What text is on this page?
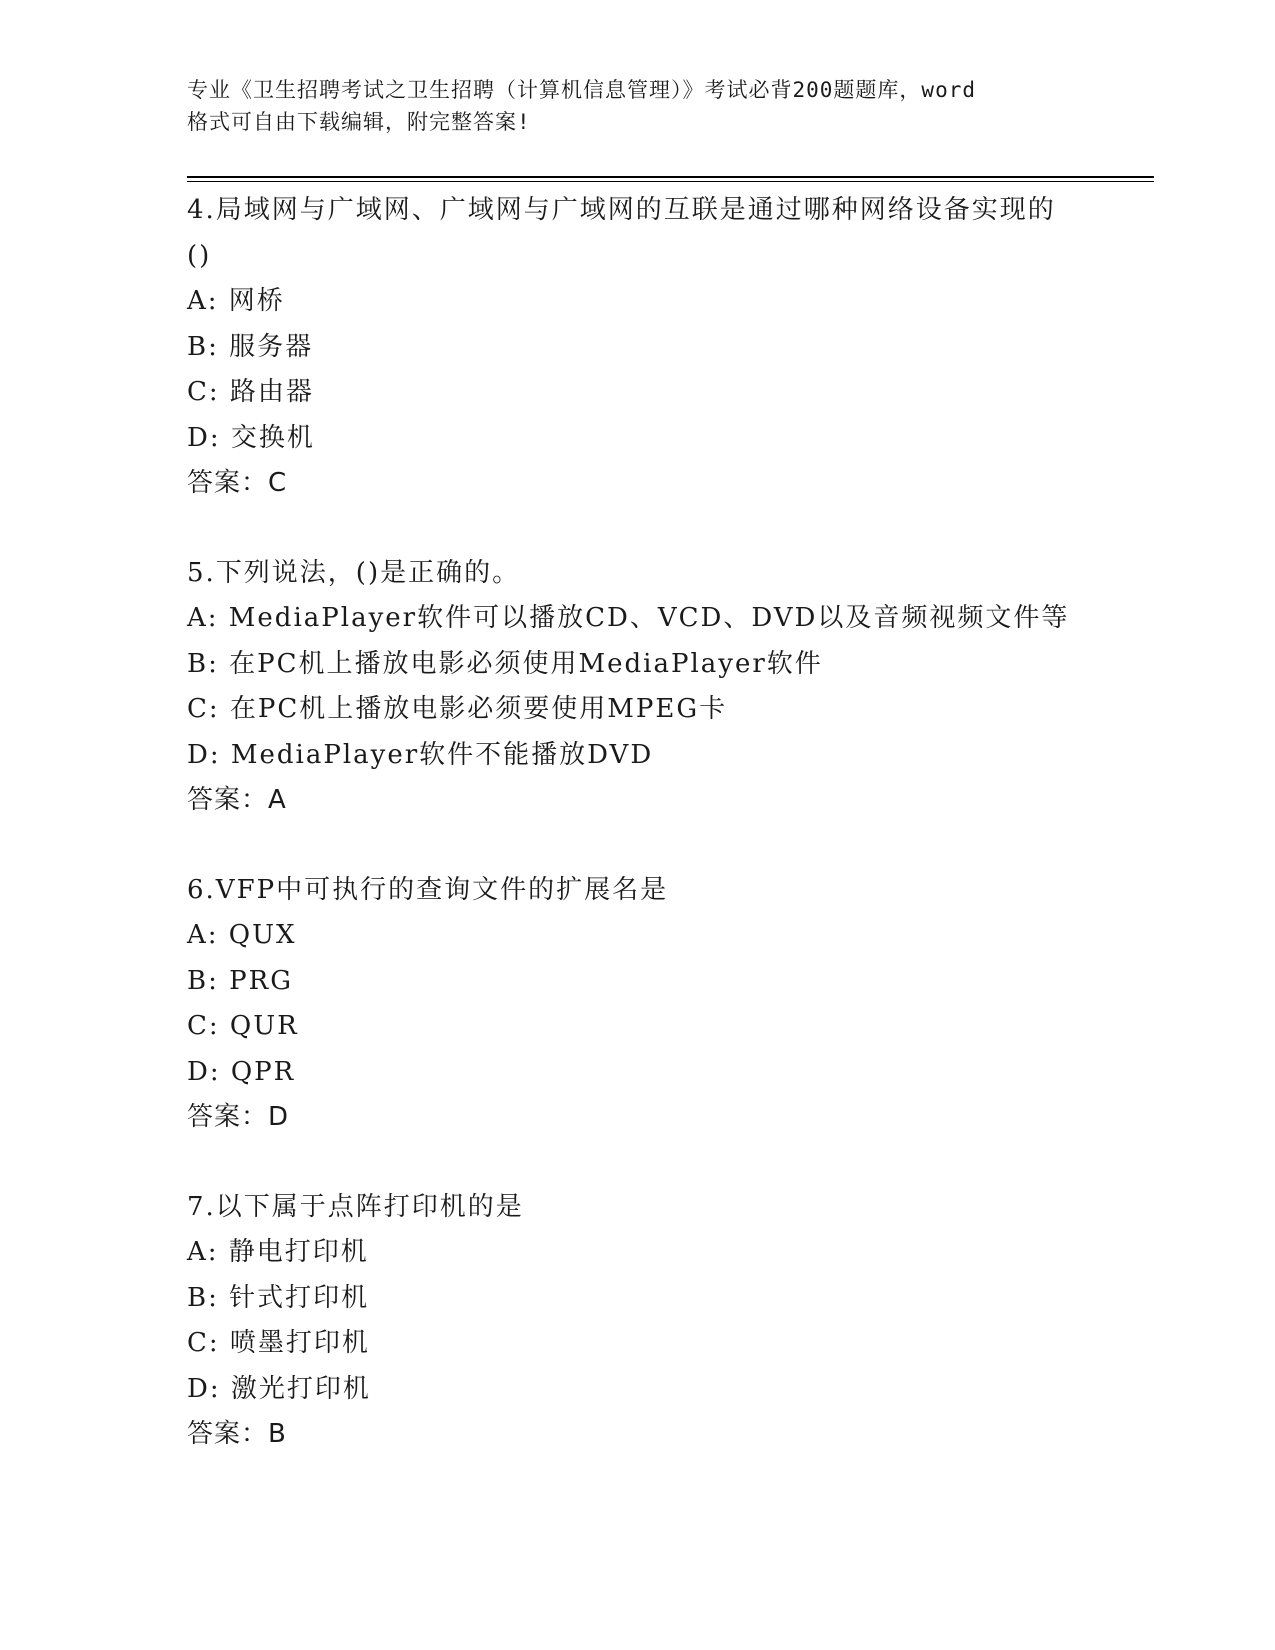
专业《卫生招聘考试之卫生招聘（计算机信息管理）》考试必背200题题库，word
格式可自由下载编辑，附完整答案!
4.局域网与广域网、广域网与广域网的互联是通过哪种网络设备实现的()
A: 网桥
B: 服务器
C: 路由器
D: 交换机
答案：C
5.下列说法，()是正确的。
A: MediaPlayer软件可以播放CD、VCD、DVD以及音频视频文件等
B: 在PC机上播放电影必须使用MediaPlayer软件
C: 在PC机上播放电影必须要使用MPEG卡
D: MediaPlayer软件不能播放DVD
答案：A
6.VFP中可执行的查询文件的扩展名是
A: QUX
B: PRG
C: QUR
D: QPR
答案：D
7.以下属于点阵打印机的是
A: 静电打印机
B: 针式打印机
C: 喷墨打印机
D: 激光打印机
答案：B
